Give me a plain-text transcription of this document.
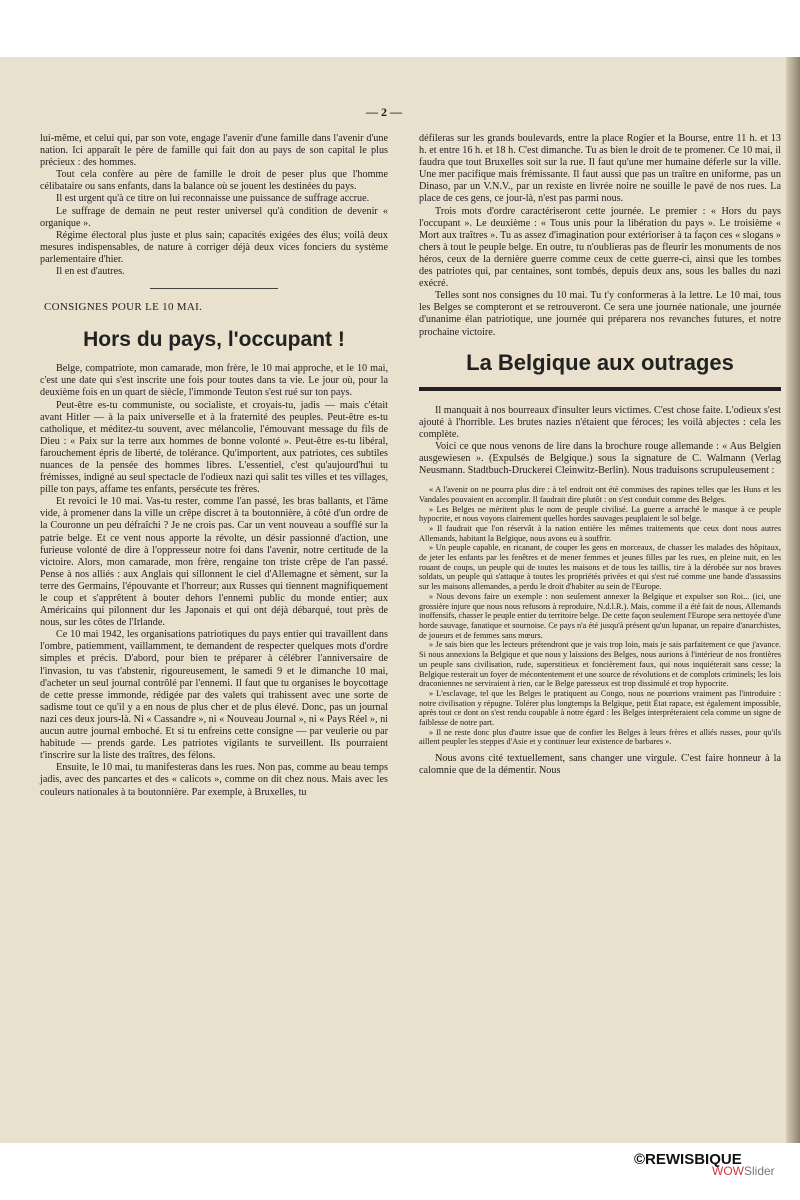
— 2 —

lui-même, et celui qui, par son vote, engage l'avenir d'une famille dans l'avenir d'une nation. Ici apparaît le père de famille qui fait don au pays de son capital le plus précieux : des hommes.

Tout cela confère au père de famille le droit de peser plus que l'homme célibataire ou sans enfants, dans la balance où se jouent les destinées du pays.

Il est urgent qu'à ce titre on lui reconnaisse une puissance de suffrage accrue.

Le suffrage de demain ne peut rester universel qu'à condition de devenir « organique ».

Régime électoral plus juste et plus sain; capacités exigées des élus; voilà deux mesures indispensables, de nature à corriger déjà deux vices fonciers du système parlementaire d'hier.

Il en est d'autres.

CONSIGNES POUR LE 10 MAI.
Hors du pays, l'occupant !

Belge, compatriote, mon camarade, mon frère, le 10 mai approche, et le 10 mai, c'est une date qui s'est inscrite une fois pour toutes dans ta vie. Le jour où, pour la deuxième fois en un quart de siècle, l'immonde Teuton s'est rué sur ton pays.

Peut-être es-tu communiste, ou socialiste, et croyais-tu, jadis — mais c'était avant Hitler — à la paix universelle et à la fraternité des peuples. Peut-être es-tu catholique, et méditez-tu souvent, avec mélancolie, l'émouvant message du fils de Dieu : « Paix sur la terre aux hommes de bonne volonté ». Peut-être es-tu libéral, farouchement épris de liberté, de tolérance. Qu'importent, aux patriotes, ces subtiles nuances de la pensée des hommes libres. L'essentiel, c'est qu'aujourd'hui tu frémisses, indigné au seul spectacle de l'odieux nazi qui salit tes villes et tes villages, pille ton pays, affame tes enfants, persécute tes frères.

Et revoici le 10 mai. Vas-tu rester, comme l'an passé, les bras ballants, et l'âme vide, à promener dans la ville un crêpe discret à ta boutonnière, à côté d'un ordre de la Couronne un peu défraîchi ? Je ne crois pas. Car un vent nouveau a soufflé sur la patrie belge. Et ce vent nous apporte la révolte, un désir passionné d'action, une furieuse volonté de dire à l'oppresseur notre foi dans l'avenir, notre certitude de la victoire. Alors, mon camarade, mon frère, rengaine ton triste crêpe de l'an passé. Pense à nos alliés : aux Anglais qui sillonnent le ciel d'Allemagne et sèment, sur la terre des Germains, l'épouvante et l'horreur; aux Russes qui tiennent magnifiquement le coup et s'apprêtent à bouter dehors l'ennemi public du monde entier; aux Américains qui pilonnent dur les Japonais et qui ont déjà débarqué, tout près de nous, sur les côtes de l'Irlande.

Ce 10 mai 1942, les organisations patriotiques du pays entier qui travaillent dans l'ombre, patiemment, vaillamment, te demandent de respecter quelques mots d'ordre simples et précis. D'abord, pour bien te préparer à célébrer l'anniversaire de l'invasion, tu vas t'abstenir, rigoureusement, le samedi 9 et le dimanche 10 mai, d'acheter un seul journal contrôlé par l'ennemi. Il faut que tu organises le boycottage de cette presse immonde, rédigée par des valets qui trahissent avec une sorte de sadisme tout ce qu'il y a en nous de plus cher et de plus élevé. Donc, pas un journal nazi ces deux jours-là. Ni « Cassandre », ni « Nouveau Journal », ni « Pays Réel », ni aucun autre journal emboché. Et si tu enfreins cette consigne — par veulerie ou par habitude — prends garde. Les patriotes vigilants te surveillent. Ils pourraient t'inscrire sur la liste des traîtres, des félons.

Ensuite, le 10 mai, tu manifesteras dans les rues. Non pas, comme au beau temps jadis, avec des pancartes et des « calicots », comme on dit chez nous. Mais avec les couleurs nationales à ta boutonnière. Par exemple, à Bruxelles, tu

défileras sur les grands boulevards, entre la place Rogier et la Bourse, entre 11 h. et 13 h. et entre 16 h. et 18 h. C'est dimanche. Tu as bien le droit de te promener. Ce 10 mai, il faudra que tout Bruxelles soit sur la rue. Il faut qu'une mer humaine déferle sur la ville. Une mer pacifique mais frémissante. Il faut aussi que pas un traître en uniforme, pas un Dinaso, par un V.N.V., par un rexiste en livrée noire ne souille le pavé de nos rues. La place de ces gens, ce jour-là, n'est pas parmi nous.

Trois mots d'ordre caractériseront cette journée. Le premier : « Hors du pays l'occupant ». Le deuxième : « Tous unis pour la libération du pays ». Le troisième « Mort aux traîtres ». Tu as assez d'imagination pour extérioriser à ta façon ces « slogans » chers à tout le peuple belge. En outre, tu n'oublieras pas de fleurir les monuments de nos héros, ceux de la dernière guerre comme ceux de cette guerre-ci, ainsi que les tombes des patriotes qui, par centaines, sont tombés, depuis deux ans, sous les balles du nazi exécré.

Telles sont nos consignes du 10 mai. Tu t'y conformeras à la lettre. Le 10 mai, tous les Belges se compteront et se retrouveront. Ce sera une journée nationale, une journée d'unanime élan patriotique, une journée qui préparera nos revanches futures, et notre prochaine victoire.

La Belgique aux outrages

Il manquait à nos bourreaux d'insulter leurs victimes. C'est chose faite. L'odieux s'est ajouté à l'horrible. Les brutes nazies n'étaient que féroces; les voilà abjectes : cela les complète.

Voici ce que nous venons de lire dans la brochure rouge allemande : « Aus Belgien ausgewiesen ». (Expulsés de Belgique.) sous la signature de C. Walmann (Verlag Neusmann. Stadtbuch-Druckerei Cleinwitz-Berlin). Nous traduisons scrupuleusement :

« A l'avenir on ne pourra plus dire : à tel endroit ont été commises des rapines telles que les Huns et les Vandales pouvaient en accomplir. Il faudrait dire plutôt : on s'est conduit comme des Belges.

» Les Belges ne méritent plus le nom de peuple civilisé. La guerre a arraché le masque à ce peuple hypocrite, et nous voyons clairement quelles hordes sauvages peuplaient le sol belge.

» Il faudrait que l'on réservât à la nation entière les mêmes traitements que ceux dont nous autres Allemands, habitant la Belgique, nous avons eu à souffrir.

» Un peuple capable, en ricanant, de couper les gens en morceaux, de chasser les malades des hôpitaux, de jeter les enfants par les fenêtres et de mener femmes et jeunes filles par les rues, en pleine nuit, en les rouant de coups, un peuple qui de toutes les maisons et de tous les taillis, tire à la dérobée sur nos braves soldats, un peuple qui s'attaque à toutes les propriétés privées et qui s'est rué comme une bande d'assassins sur les maisons allemandes, a perdu le droit d'habiter au sein de l'Europe.

» Nous devons faire un exemple : non seulement annexer la Belgique et expulser son Roi... (ici, une grossière injure que nous nous refusons à reproduire, N.d.l.R.). Mais, comme il a été fait de nous, Allemands inoffensifs, chasser le peuple entier du territoire belge. De cette façon seulement l'Europe sera nettoyée d'une horde sauvage, fanatique et sournoise. Ce pays n'a été jusqu'à présent qu'un lupanar, un repaire d'anarchistes, de joueurs et de femmes sans mœurs.

» Je sais bien que les lecteurs prétendront que je vais trop loin, mais je sais parfaitement ce que j'avance. Si nous annexions la Belgique et que nous y laissions des Belges, nous aurions à l'intérieur de nos frontières un peuple sans civilisation, rude, superstitieux et foncièrement faux, qui nous inquiéterait sans cesse; la Belgique resterait un foyer de mécontentement et une source de révolutions et de complots criminels; les lois draconiennes ne serviraient à rien, car le Belge paresseux est trop dissimulé et trop hypocrite.

» L'esclavage, tel que les Belges le pratiquent au Congo, nous ne pourrions vraiment pas l'introduire : notre civilisation y répugne. Tolérer plus longtemps la Belgique, petit État rapace, est également impossible, après tout ce dont on s'est rendu coupable à notre égard : les Belges interpréteraient cela comme un signe de faiblesse de notre part.

» Il ne reste donc plus d'autre issue que de confier les Belges à leurs frères et alliés russes, pour qu'ils aillent peupler les steppes d'Asie et y continuer leur existence de barbares ».

Nous avons cité textuellement, sans changer une virgule. C'est faire honneur à la calomnie que de la démentir. Nous

©REWISBIQUE
WOWSlider
